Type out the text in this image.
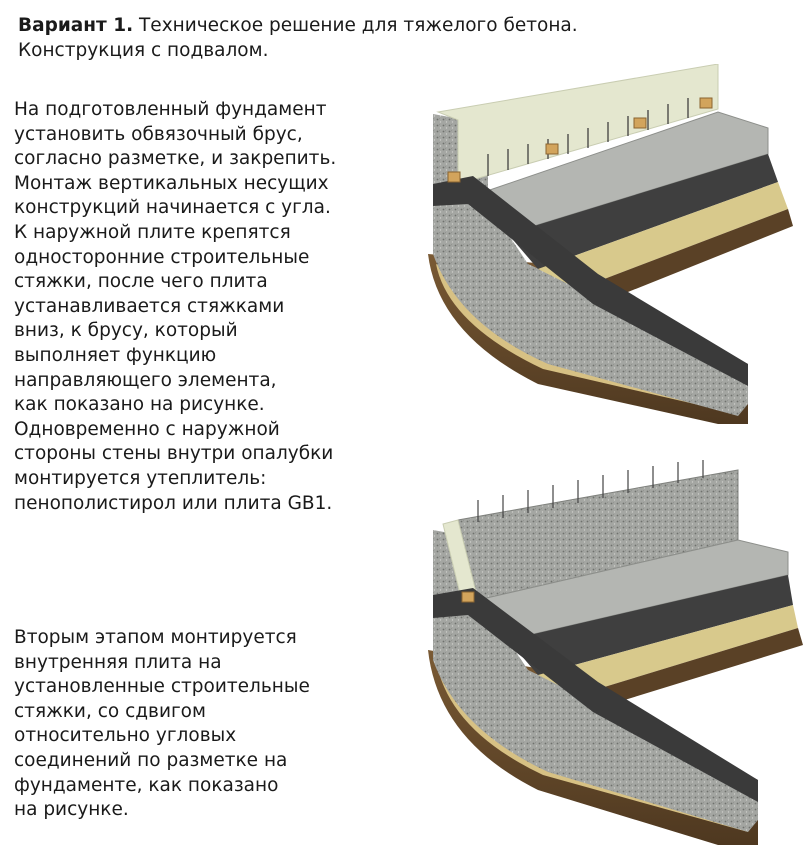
Вариант 1. Техническое решение для тяжелого бетона.
Конструкция с подвалом.
На подготовленный фундамент
установить обвязочный брус,
согласно разметке, и закрепить.
Монтаж вертикальных несущих
конструкций начинается с угла.
К наружной плите крепятся
односторонние строительные
стяжки, после чего плита
устанавливается стяжками
вниз, к брусу, который
выполняет функцию
направляющего элемента,
как показано на рисунке.
Одновременно с наружной
стороны стены внутри опалубки
монтируется утеплитель:
пенополистирол или плита GB1.
Вторым этапом монтируется
внутренняя плита на
установленные строительные
стяжки, со сдвигом
относительно угловых
соединений по разметке на
фундаменте, как показано
на рисунке.
